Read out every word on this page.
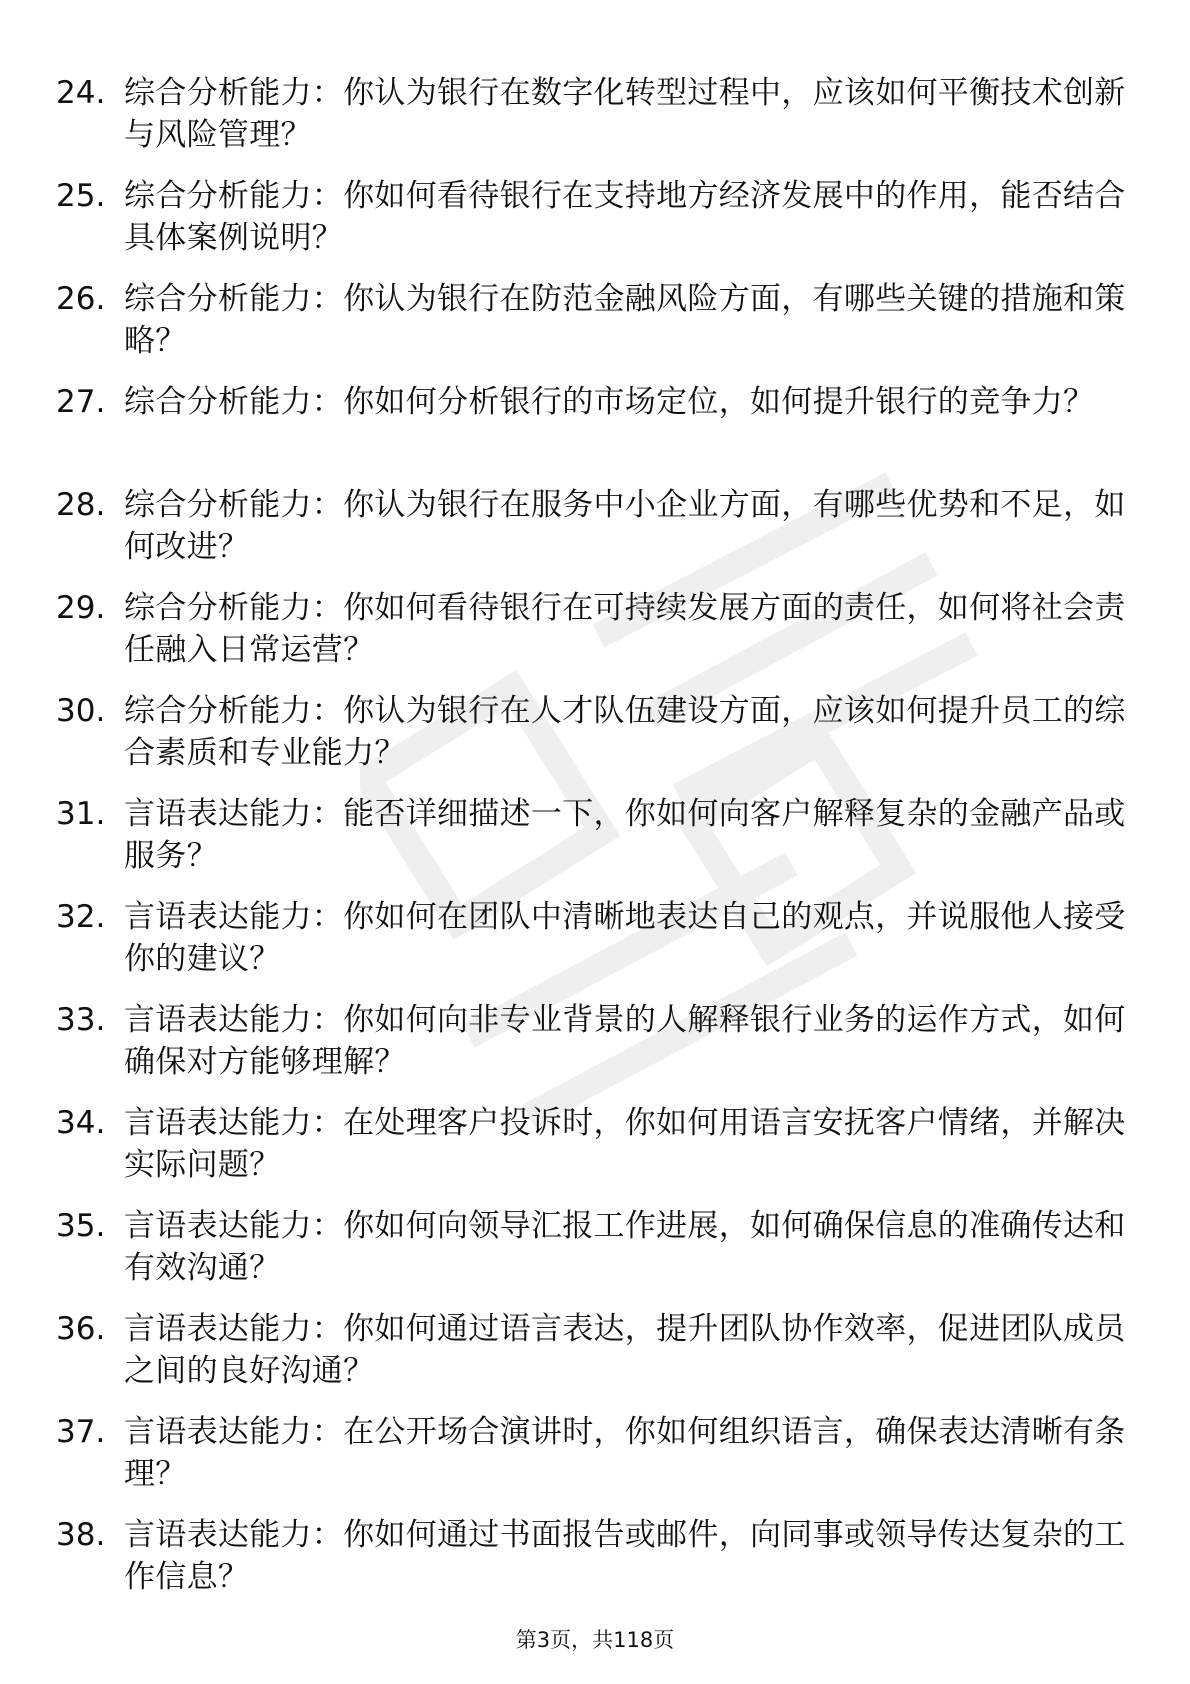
24. 综合分析能力：你认为银行在数字化转型过程中，应该如何平衡技术创新与风险管理？
25. 综合分析能力：你如何看待银行在支持地方经济发展中的作用，能否结合具体案例说明？
26. 综合分析能力：你认为银行在防范金融风险方面，有哪些关键的措施和策略？
27. 综合分析能力：你如何分析银行的市场定位，如何提升银行的竞争力？
28. 综合分析能力：你认为银行在服务中小企业方面，有哪些优势和不足，如何改进？
29. 综合分析能力：你如何看待银行在可持续发展方面的责任，如何将社会责任融入日常运营？
30. 综合分析能力：你认为银行在人才队伍建设方面，应该如何提升员工的综合素质和专业能力？
31. 言语表达能力：能否详细描述一下，你如何向客户解释复杂的金融产品或服务？
32. 言语表达能力：你如何在团队中清晰地表达自己的观点，并说服他人接受你的建议？
33. 言语表达能力：你如何向非专业背景的人解释银行业务的运作方式，如何确保对方能够理解？
34. 言语表达能力：在处理客户投诉时，你如何用语言安抚客户情绪，并解决实际问题？
35. 言语表达能力：你如何向领导汇报工作进展，如何确保信息的准确传达和有效沟通？
36. 言语表达能力：你如何通过语言表达，提升团队协作效率，促进团队成员之间的良好沟通？
37. 言语表达能力：在公开场合演讲时，你如何组织语言，确保表达清晰有条理？
38. 言语表达能力：你如何通过书面报告或邮件，向同事或领导传达复杂的工作信息？
第3页，共118页
